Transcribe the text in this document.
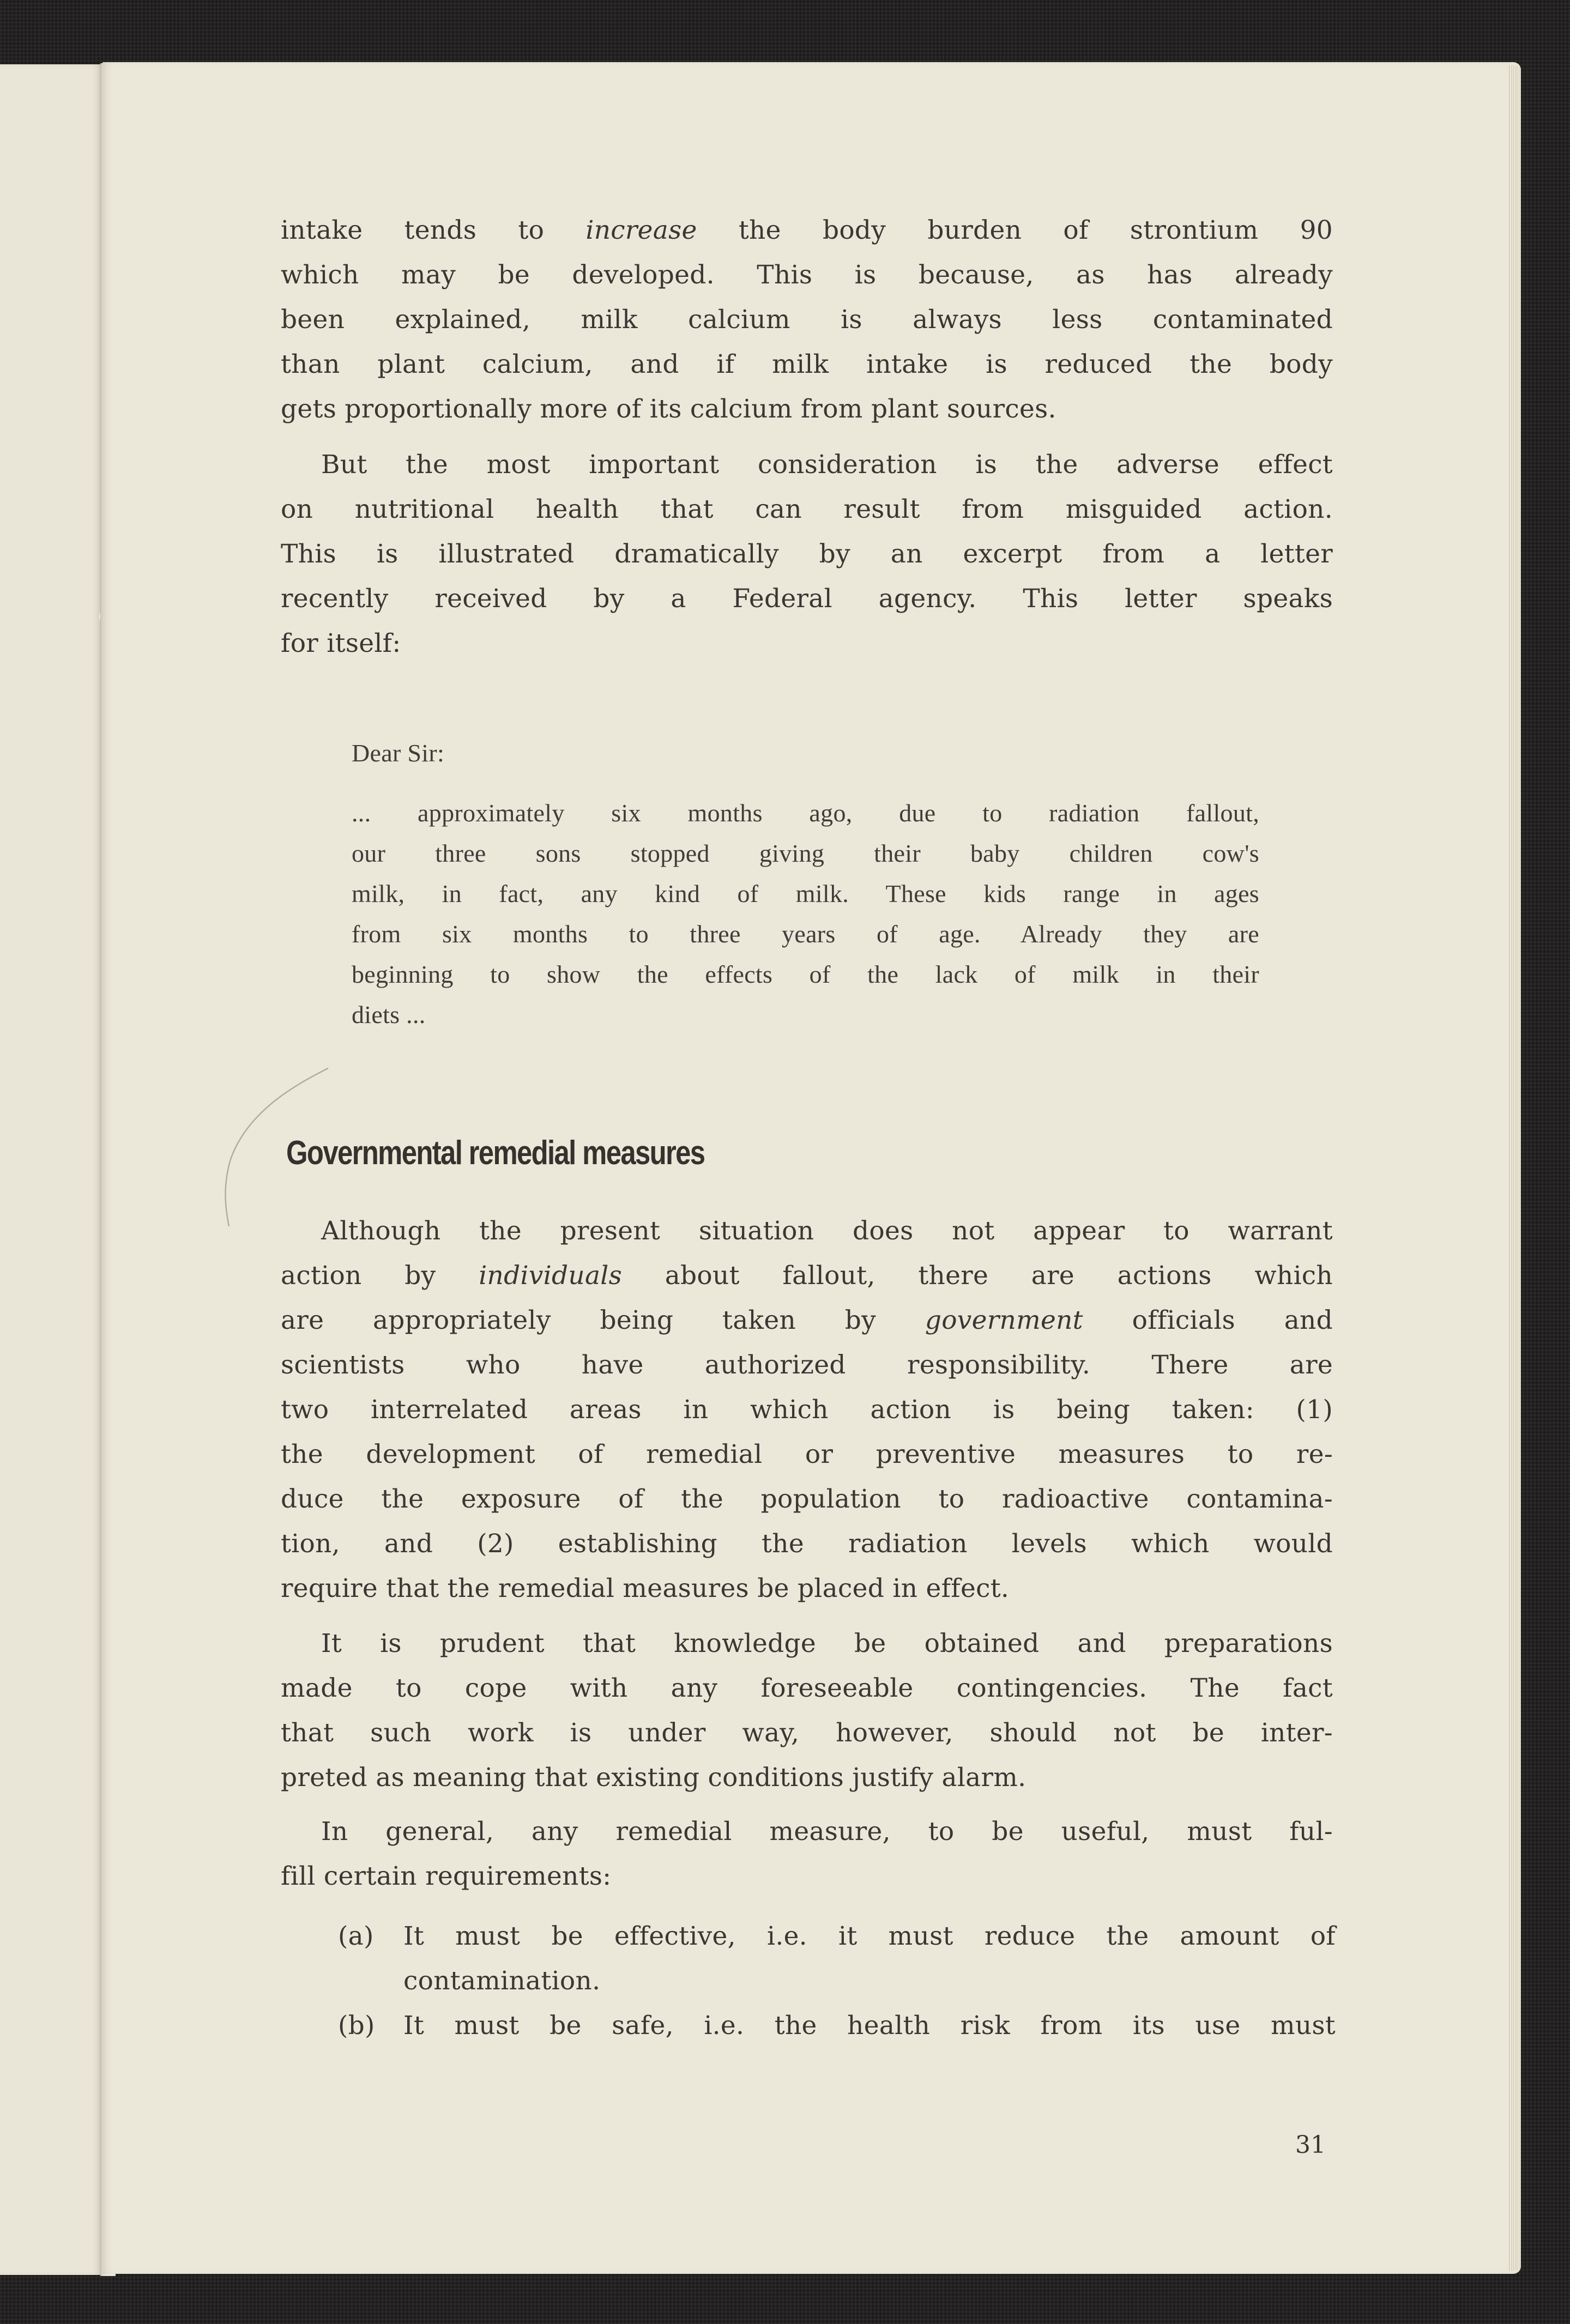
intake tends to increase the body burden of strontium 90
which may be developed. This is because, as has already
been explained, milk calcium is always less contaminated
than plant calcium, and if milk intake is reduced the body
gets proportionally more of its calcium from plant sources.
But the most important consideration is the adverse effect
on nutritional health that can result from misguided action.
This is illustrated dramatically by an excerpt from a letter
recently received by a Federal agency. This letter speaks
for itself:
Dear Sir:
... approximately six months ago, due to radiation fallout,
our three sons stopped giving their baby children cow's
milk, in fact, any kind of milk. These kids range in ages
from six months to three years of age. Already they are
beginning to show the effects of the lack of milk in their
diets ...
Governmental remedial measures
Although the present situation does not appear to warrant
action by individuals about fallout, there are actions which
are appropriately being taken by government officials and
scientists who have authorized responsibility. There are
two interrelated areas in which action is being taken: (1)
the development of remedial or preventive measures to re-
duce the exposure of the population to radioactive contamina-
tion, and (2) establishing the radiation levels which would
require that the remedial measures be placed in effect.
It is prudent that knowledge be obtained and preparations
made to cope with any foreseeable contingencies. The fact
that such work is under way, however, should not be inter-
preted as meaning that existing conditions justify alarm.
In general, any remedial measure, to be useful, must ful-
fill certain requirements:
(a) It must be effective, i.e. it must reduce the amount of
contamination.
(b) It must be safe, i.e. the health risk from its use must
31
